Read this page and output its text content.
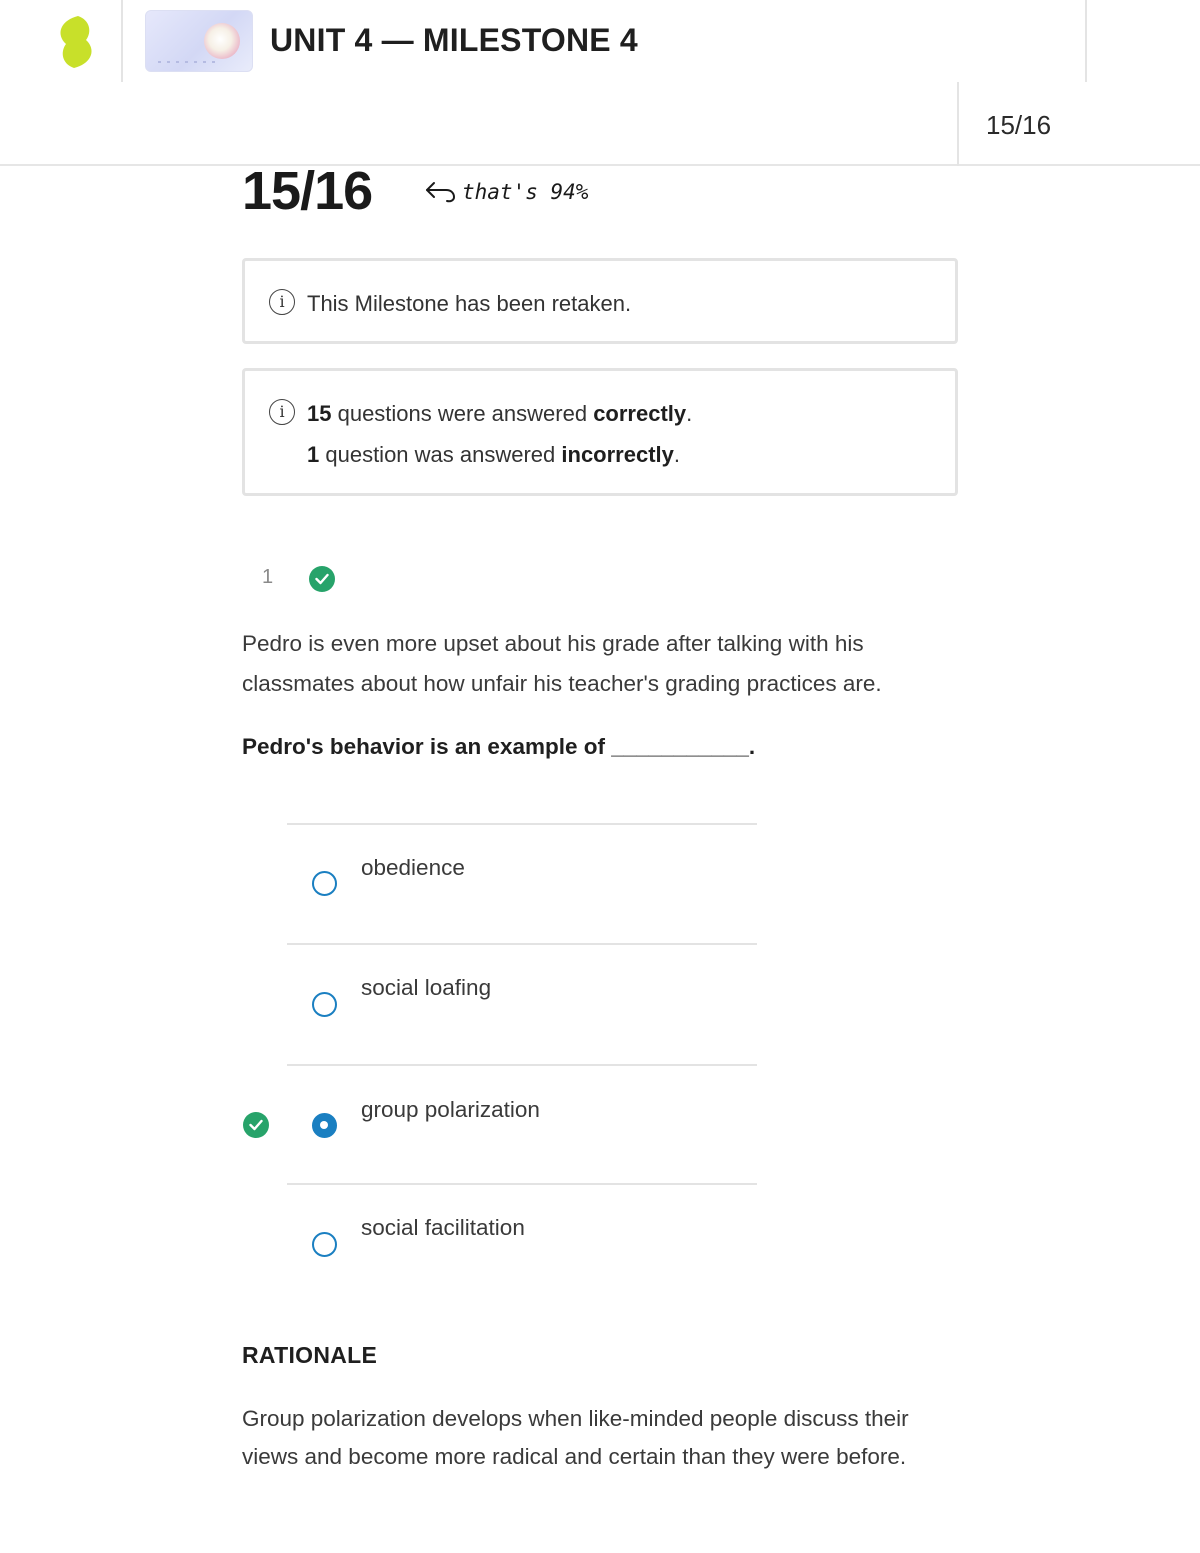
UNIT 4 — MILESTONE 4
15/16
15/16	that's 94%
i	This Milestone has been retaken.
i	15 questions were answered correctly.
1 question was answered incorrectly.
1
Pedro is even more upset about his grade after talking with his classmates about how unfair his teacher's grading practices are.
Pedro's behavior is an example of ___________.
obedience
social loafing
group polarization
social facilitation
RATIONALE
Group polarization develops when like-minded people discuss their views and become more radical and certain than they were before.
